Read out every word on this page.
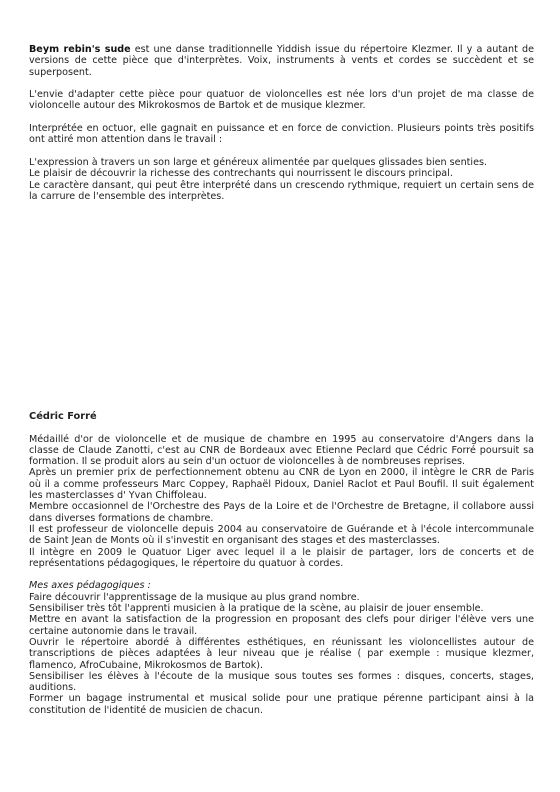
Beym rebin's sude est une danse traditionnelle Yiddish issue du répertoire Klezmer. Il y a autant de versions de cette pièce que d'interprètes. Voix, instruments à vents et cordes se succèdent et se superposent.

L'envie d'adapter cette pièce pour quatuor de violoncelles est née lors d'un projet de ma classe de violoncelle autour des Mikrokosmos de Bartok et de musique klezmer.

Interprétée en octuor, elle gagnait en puissance et en force de conviction. Plusieurs points très positifs ont attiré mon attention dans le travail :

L'expression à travers un son large et généreux alimentée par quelques glissades bien senties.

Le plaisir de découvrir la richesse des contrechants qui nourrissent le discours principal.

Le caractère dansant, qui peut être interprété dans un crescendo rythmique, requiert un certain sens de la carrure de l'ensemble des interprètes.

Cédric Forré

Médaillé d'or de violoncelle et de musique de chambre en 1995 au conservatoire d'Angers dans la classe de Claude Zanotti, c'est au CNR de Bordeaux avec Etienne Peclard que Cédric Forré poursuit sa formation. Il se produit alors au sein d'un octuor de violoncelles à de nombreuses reprises.

Après un premier prix de perfectionnement obtenu au CNR de Lyon en 2000, il intègre le CRR de Paris où il a comme professeurs Marc Coppey, Raphaël Pidoux, Daniel Raclot et Paul Boufil. Il suit également les masterclasses d' Yvan Chiffoleau.

Membre occasionnel de l'Orchestre des Pays de la Loire et de l'Orchestre de Bretagne, il collabore aussi dans diverses formations de chambre.

Il est professeur de violoncelle depuis 2004 au conservatoire de Guérande et à l'école intercommunale de Saint Jean de Monts où il s'investit en organisant des stages et des masterclasses.

Il intègre en 2009 le Quatuor Liger avec lequel il a le plaisir de partager, lors de concerts et de représentations pédagogiques, le répertoire du quatuor à cordes.

Mes axes pédagogiques :

Faire découvrir l'apprentissage de la musique au plus grand nombre.

Sensibiliser très tôt l'apprenti musicien à la pratique de la scène, au plaisir de jouer ensemble.

Mettre en avant la satisfaction de la progression en proposant des clefs pour diriger l'élève vers une certaine autonomie dans le travail.

Ouvrir le répertoire abordé à différentes esthétiques, en réunissant les violoncellistes autour de transcriptions de pièces adaptées à leur niveau que je réalise ( par exemple : musique klezmer, flamenco, AfroCubaine, Mikrokosmos de Bartok).

Sensibiliser les élèves à l'écoute de la musique sous toutes ses formes : disques, concerts, stages, auditions.

Former un bagage instrumental et musical solide pour une pratique pérenne participant ainsi à la constitution de l'identité de musicien de chacun.
